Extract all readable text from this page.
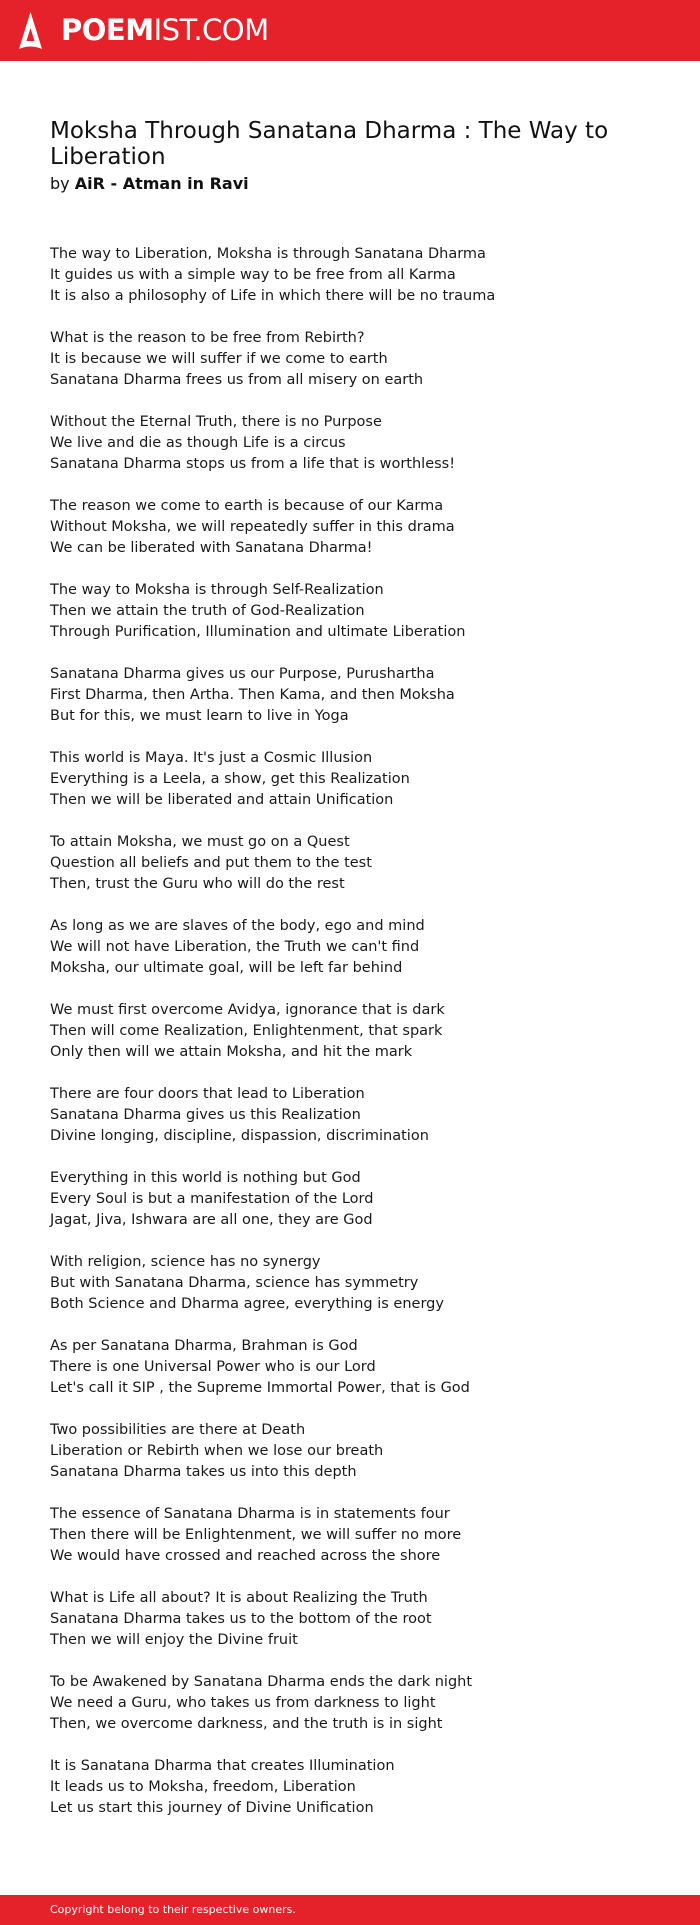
POEMIST.COM
Moksha Through Sanatana Dharma : The Way to Liberation
by AiR - Atman in Ravi
The way to Liberation, Moksha is through Sanatana Dharma
It guides us with a simple way to be free from all Karma
It is also a philosophy of Life in which there will be no trauma
What is the reason to be free from Rebirth?
It is because we will suffer if we come to earth
Sanatana Dharma frees us from all misery on earth
Without the Eternal Truth, there is no Purpose
We live and die as though Life is a circus
Sanatana Dharma stops us from a life that is worthless!
The reason we come to earth is because of our Karma
Without Moksha, we will repeatedly suffer in this drama
We can be liberated with Sanatana Dharma!
The way to Moksha is through Self-Realization
Then we attain the truth of God-Realization
Through Purification, Illumination and ultimate Liberation
Sanatana Dharma gives us our Purpose, Purushartha
First Dharma, then Artha. Then Kama, and then Moksha
But for this, we must learn to live in Yoga
This world is Maya. It's just a Cosmic Illusion
Everything is a Leela, a show, get this Realization
Then we will be liberated and attain Unification
To attain Moksha, we must go on a Quest
Question all beliefs and put them to the test
Then, trust the Guru who will do the rest
As long as we are slaves of the body, ego and mind
We will not have Liberation, the Truth we can't find
Moksha, our ultimate goal, will be left far behind
We must first overcome Avidya, ignorance that is dark
Then will come Realization, Enlightenment, that spark
Only then will we attain Moksha, and hit the mark
There are four doors that lead to Liberation
Sanatana Dharma gives us this Realization
Divine longing, discipline, dispassion, discrimination
Everything in this world is nothing but God
Every Soul is but a manifestation of the Lord
Jagat, Jiva, Ishwara are all one, they are God
With religion, science has no synergy
But with Sanatana Dharma, science has symmetry
Both Science and Dharma agree, everything is energy
As per Sanatana Dharma, Brahman is God
There is one Universal Power who is our Lord
Let's call it SIP , the Supreme Immortal Power, that is God
Two possibilities are there at Death
Liberation or Rebirth when we lose our breath
Sanatana Dharma takes us into this depth
The essence of Sanatana Dharma is in statements four
Then there will be Enlightenment, we will suffer no more
We would have crossed and reached across the shore
What is Life all about? It is about Realizing the Truth
Sanatana Dharma takes us to the bottom of the root
Then we will enjoy the Divine fruit
To be Awakened by Sanatana Dharma ends the dark night
We need a Guru, who takes us from darkness to light
Then, we overcome darkness, and the truth is in sight
It is Sanatana Dharma that creates Illumination
It leads us to Moksha, freedom, Liberation
Let us start this journey of Divine Unification
Copyright belong to their respective owners.
